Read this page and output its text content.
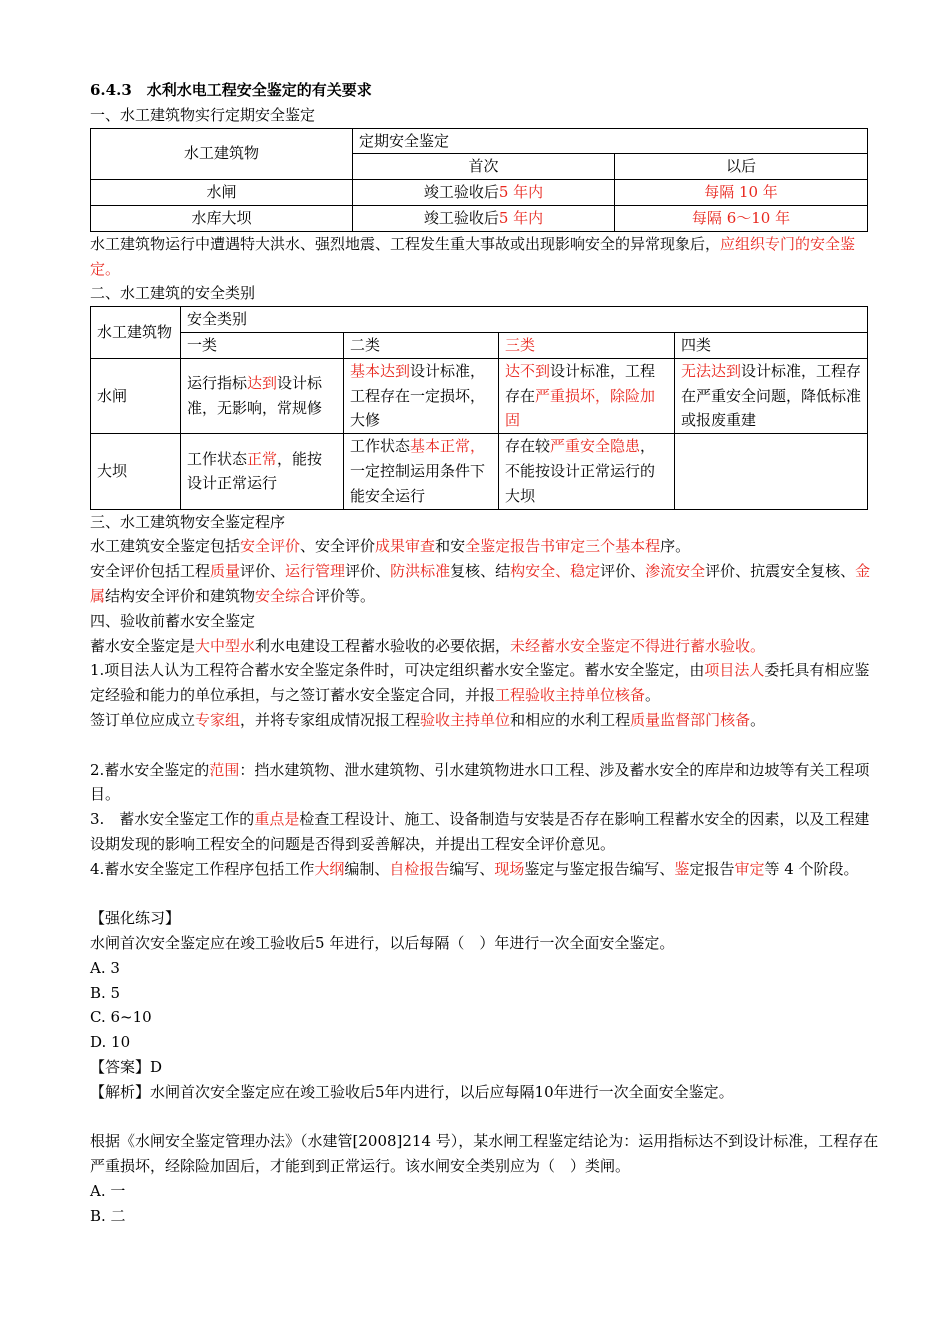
6.4.3　水利水电工程安全鉴定的有关要求

一、水工建筑物实行定期安全鉴定

水工建筑物	定期安全鉴定	
	首次	以后
水闸	竣工验收后5 年内	每隔 10 年
水库大坝	竣工验收后5 年内	每隔 6～10 年

水工建筑物运行中遭遇特大洪水、强烈地震、工程发生重大事故或出现影响安全的异常现象后，应组织专门的安全鉴定。

二、水工建筑的安全类别

水工建筑物	安全类别			
	一类	二类	三类	四类
水闸	运行指标达到设计标准，无影响，常规修	基本达到设计标准，工程存在一定损坏，大修	达不到设计标准，工程存在严重损坏，除险加固	无法达到设计标准，工程存在严重安全问题，降低标准或报废重建
大坝	工作状态正常，能按设计正常运行	工作状态基本正常，一定控制运用条件下能安全运行	存在较严重安全隐患，不能按设计正常运行的大坝	

三、水工建筑物安全鉴定程序

水工建筑安全鉴定包括安全评价、安全评价成果审查和安全鉴定报告书审定三个基本程序。

安全评价包括工程质量评价、运行管理评价、防洪标准复核、结构安全、稳定评价、渗流安全评价、抗震安全复核、金属结构安全评价和建筑物安全综合评价等。

四、验收前蓄水安全鉴定

蓄水安全鉴定是大中型水利水电建设工程蓄水验收的必要依据，未经蓄水安全鉴定不得进行蓄水验收。

1.项目法人认为工程符合蓄水安全鉴定条件时，可决定组织蓄水安全鉴定。蓄水安全鉴定，由项目法人委托具有相应鉴定经验和能力的单位承担，与之签订蓄水安全鉴定合同，并报工程验收主持单位核备。

签订单位应成立专家组，并将专家组成情况报工程验收主持单位和相应的水利工程质量监督部门核备。

2.蓄水安全鉴定的范围：挡水建筑物、泄水建筑物、引水建筑物进水口工程、涉及蓄水安全的库岸和边坡等有关工程项目。

3.　蓄水安全鉴定工作的重点是检查工程设计、施工、设备制造与安装是否存在影响工程蓄水安全的因素，以及工程建设期发现的影响工程安全的问题是否得到妥善解决，并提出工程安全评价意见。

4.蓄水安全鉴定工作程序包括工作大纲编制、自检报告编写、现场鉴定与鉴定报告编写、鉴定报告审定等 4 个阶段。

【强化练习】

水闸首次安全鉴定应在竣工验收后5 年进行，以后每隔（　）年进行一次全面安全鉴定。

A. 3

B. 5

C. 6~10

D. 10

【答案】D

【解析】水闸首次安全鉴定应在竣工验收后5年内进行，以后应每隔10年进行一次全面安全鉴定。

根据《水闸安全鉴定管理办法》（水建管[2008]214 号），某水闸工程鉴定结论为：运用指标达不到设计标准，工程存在严重损坏，经除险加固后，才能到到正常运行。该水闸安全类别应为（　）类闸。

A. 一

B. 二
